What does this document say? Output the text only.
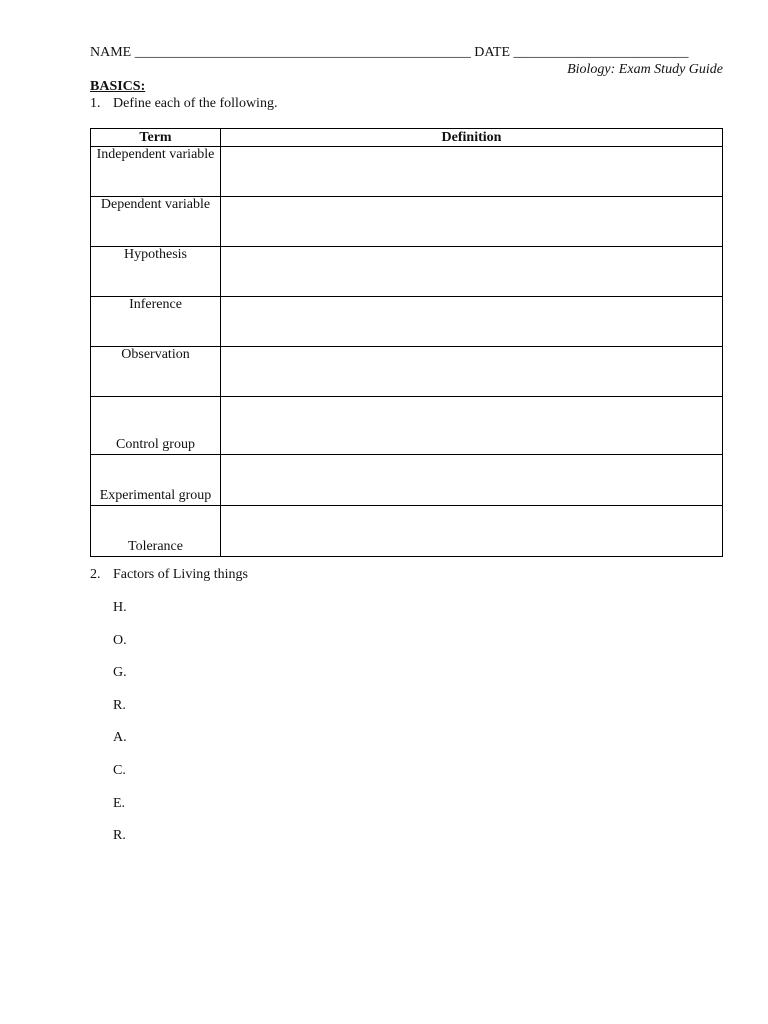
NAME ________________________________________________ DATE _________________________
Biology: Exam Study Guide
BASICS:
1. Define each of the following.
Term	Definition
Independent variable	
Dependent variable	
Hypothesis	
Inference	
Observation	
Control group	
Experimental group	
Tolerance	
2. Factors of Living things
H.
O.
G.
R.
A.
C.
E.
R.
